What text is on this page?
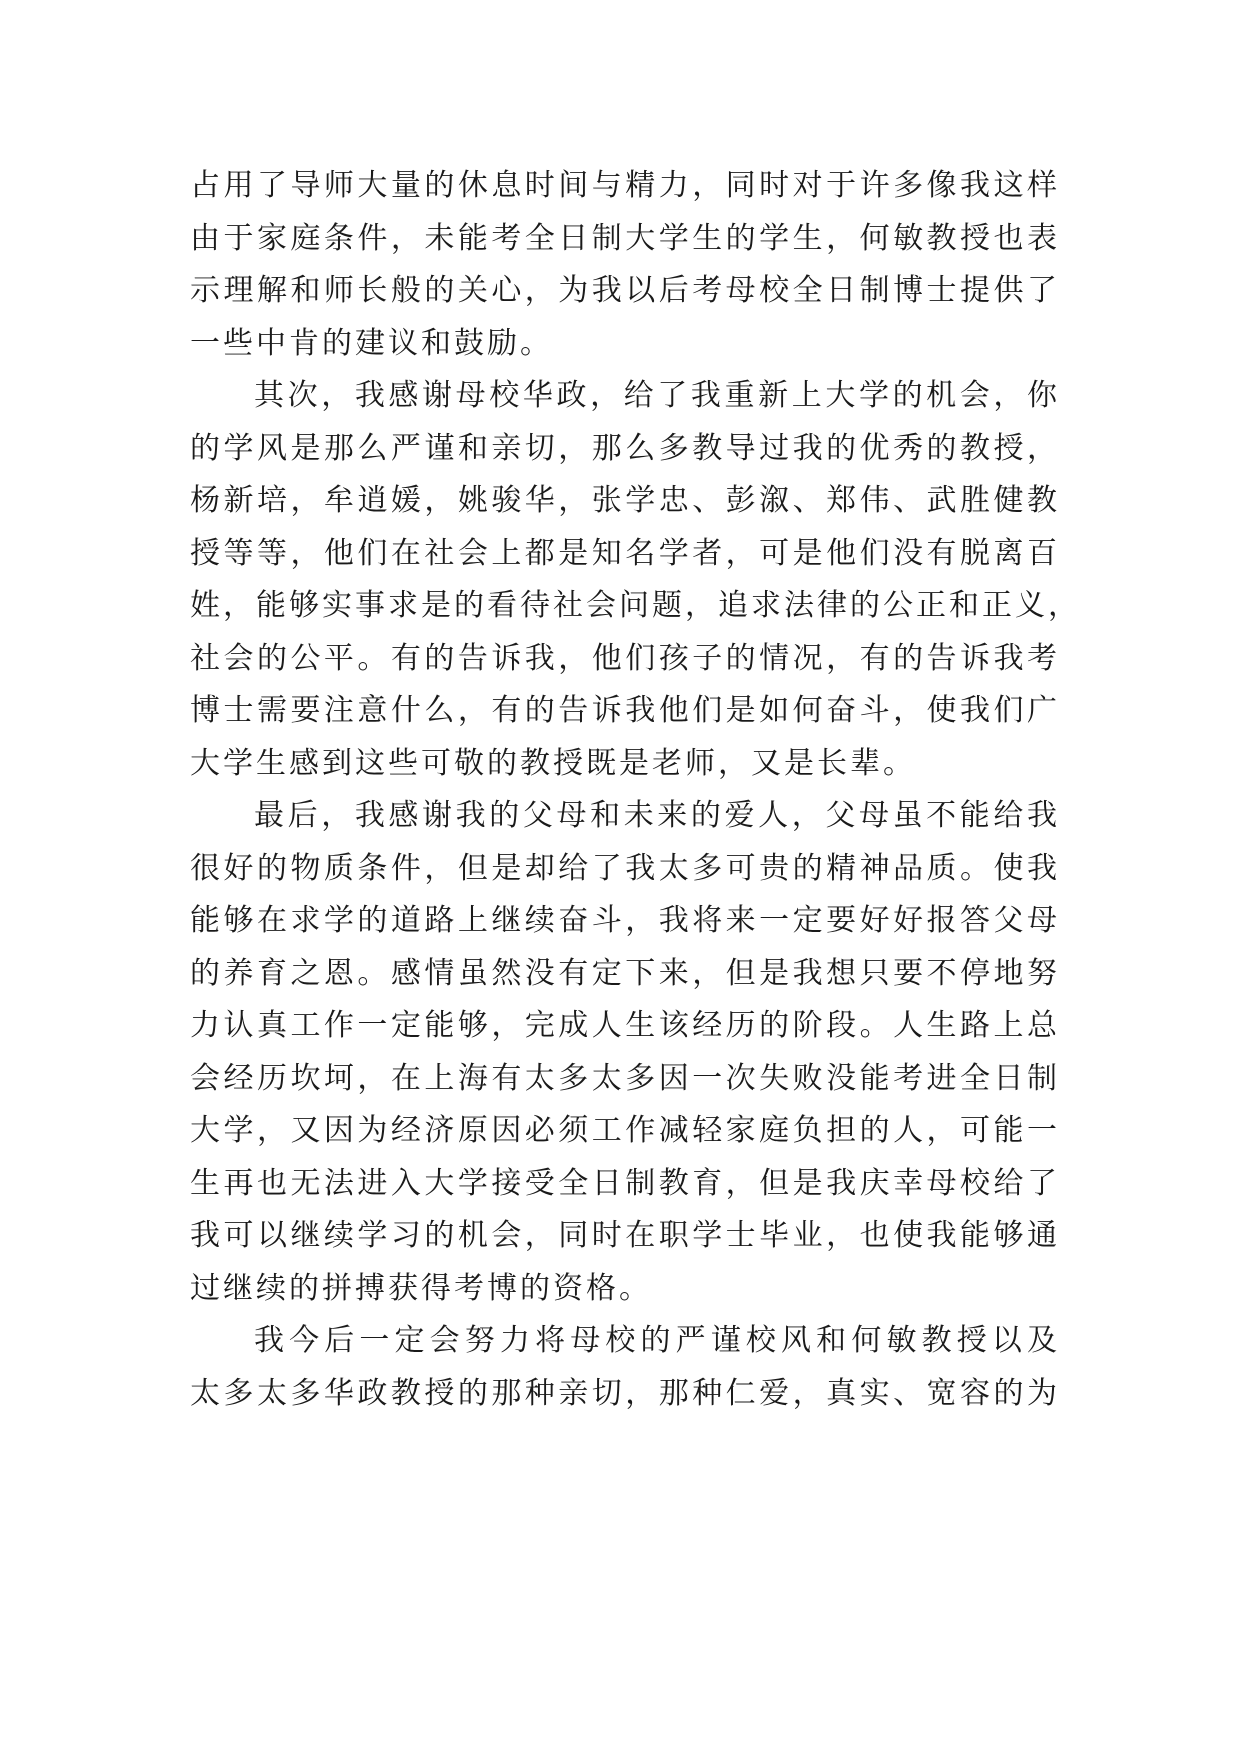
占用了导师大量的休息时间与精力，同时对于许多像我这样
由于家庭条件，未能考全日制大学生的学生，何敏教授也表
示理解和师长般的关心，为我以后考母校全日制博士提供了
一些中肯的建议和鼓励。
其次，我感谢母校华政，给了我重新上大学的机会，你
的学风是那么严谨和亲切，那么多教导过我的优秀的教授，
杨新培，牟逍媛，姚骏华，张学忠、彭溆、郑伟、武胜健教
授等等，他们在社会上都是知名学者，可是他们没有脱离百
姓，能够实事求是的看待社会问题，追求法律的公正和正义，
社会的公平。有的告诉我，他们孩子的情况，有的告诉我考
博士需要注意什么，有的告诉我他们是如何奋斗，使我们广
大学生感到这些可敬的教授既是老师，又是长辈。
最后，我感谢我的父母和未来的爱人，父母虽不能给我
很好的物质条件，但是却给了我太多可贵的精神品质。使我
能够在求学的道路上继续奋斗，我将来一定要好好报答父母
的养育之恩。感情虽然没有定下来，但是我想只要不停地努
力认真工作一定能够，完成人生该经历的阶段。人生路上总
会经历坎坷，在上海有太多太多因一次失败没能考进全日制
大学，又因为经济原因必须工作减轻家庭负担的人，可能一
生再也无法进入大学接受全日制教育，但是我庆幸母校给了
我可以继续学习的机会，同时在职学士毕业，也使我能够通
过继续的拼搏获得考博的资格。
我今后一定会努力将母校的严谨校风和何敏教授以及
太多太多华政教授的那种亲切，那种仁爱，真实、宽容的为
